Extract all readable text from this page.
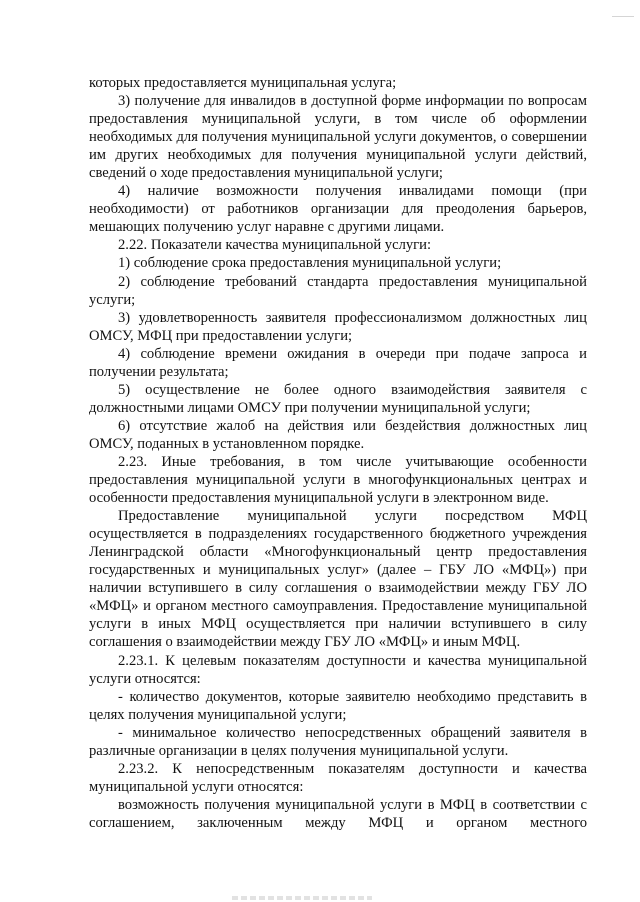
которых предоставляется муниципальная услуга;

3) получение для инвалидов в доступной форме информации по вопросам предоставления муниципальной услуги, в том числе об оформлении необходимых для получения муниципальной услуги документов, о совершении им других необходимых для получения муниципальной услуги действий, сведений о ходе предоставления муниципальной услуги;

4) наличие возможности получения инвалидами помощи (при необходимости) от работников организации для преодоления барьеров, мешающих получению услуг наравне с другими лицами.

2.22. Показатели качества муниципальной услуги:

1) соблюдение срока предоставления муниципальной услуги;

2) соблюдение требований стандарта предоставления муниципальной услуги;

3) удовлетворенность заявителя профессионализмом должностных лиц ОМСУ, МФЦ при предоставлении услуги;

4) соблюдение времени ожидания в очереди при подаче запроса и получении результата;

5) осуществление не более одного взаимодействия заявителя с должностными лицами ОМСУ при получении муниципальной услуги;

6) отсутствие жалоб на действия или бездействия должностных лиц ОМСУ, поданных в установленном порядке.

2.23. Иные требования, в том числе учитывающие особенности предоставления муниципальной услуги в многофункциональных центрах и особенности предоставления муниципальной услуги в электронном виде.

Предоставление муниципальной услуги посредством МФЦ осуществляется в подразделениях государственного бюджетного учреждения Ленинградской области «Многофункциональный центр предоставления государственных и муниципальных услуг» (далее – ГБУ ЛО «МФЦ») при наличии вступившего в силу соглашения о взаимодействии между ГБУ ЛО «МФЦ» и органом местного самоуправления. Предоставление муниципальной услуги в иных МФЦ осуществляется при наличии вступившего в силу соглашения о взаимодействии между ГБУ ЛО «МФЦ» и иным МФЦ.

2.23.1. К целевым показателям доступности и качества муниципальной услуги относятся:

- количество документов, которые заявителю необходимо представить в целях получения муниципальной услуги;

- минимальное количество непосредственных обращений заявителя в различные организации в целях получения муниципальной услуги.

2.23.2. К непосредственным показателям доступности и качества муниципальной услуги относятся:

возможность получения муниципальной услуги в МФЦ в соответствии с соглашением, заключенным между МФЦ и органом местного
